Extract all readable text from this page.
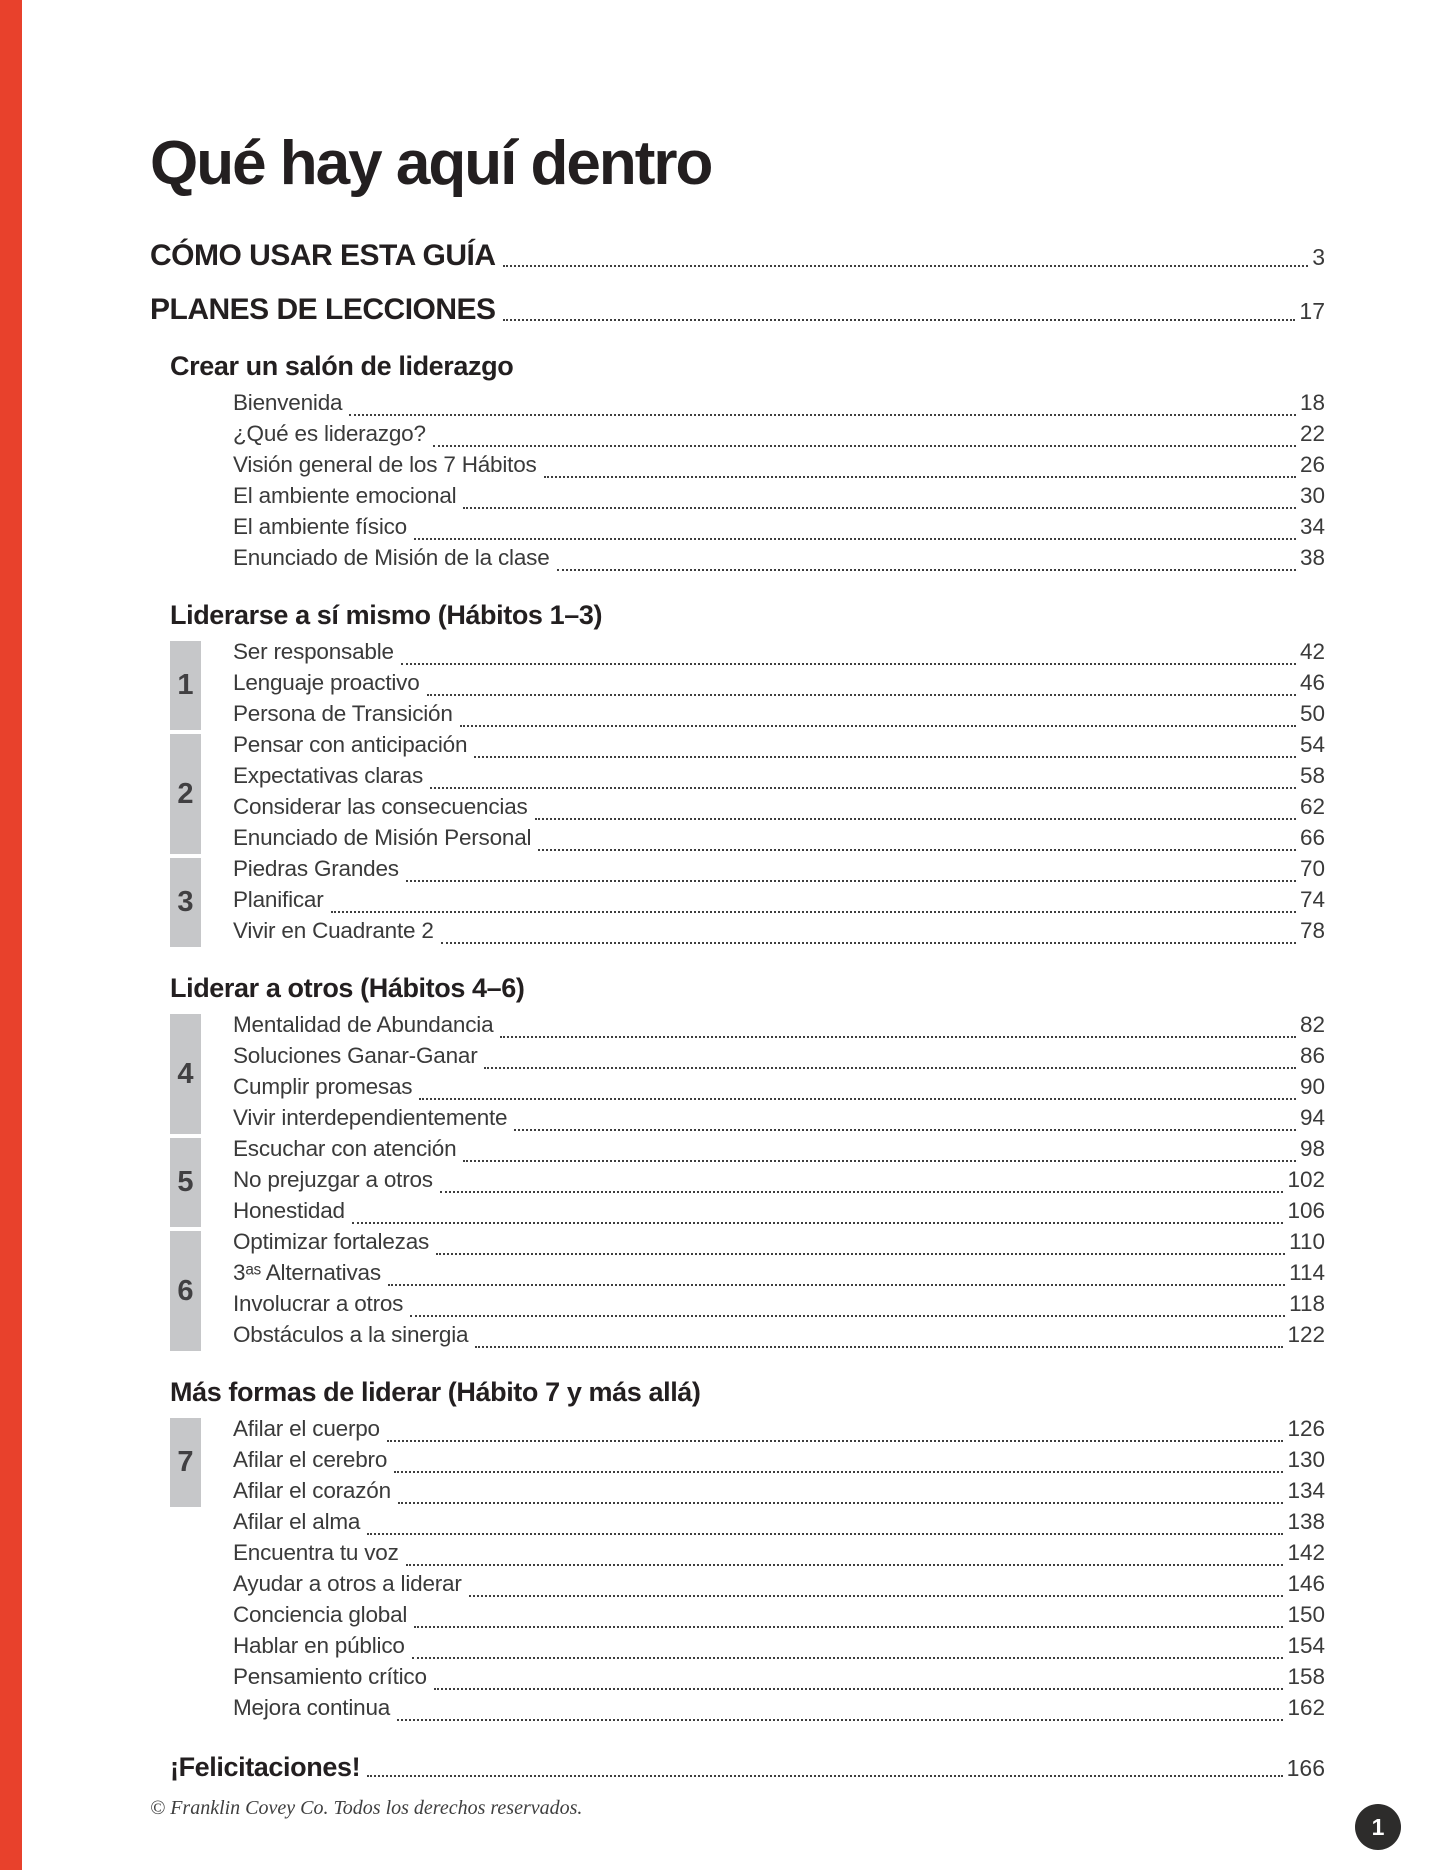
Qué hay aquí dentro
CÓMO USAR ESTA GUÍA	3
PLANES DE LECCIONES	17
Crear un salón de liderazgo
Bienvenida	18
¿Qué es liderazgo?	22
Visión general de los 7 Hábitos	26
El ambiente emocional	30
El ambiente físico	34
Enunciado de Misión de la clase	38
Liderarse a sí mismo (Hábitos 1–3)
1
Ser responsable	42
Lenguaje proactivo	46
Persona de Transición	50
2
Pensar con anticipación	54
Expectativas claras	58
Considerar las consecuencias	62
Enunciado de Misión Personal	66
3
Piedras Grandes	70
Planificar	74
Vivir en Cuadrante 2	78
Liderar a otros (Hábitos 4–6)
4
Mentalidad de Abundancia	82
Soluciones Ganar-Ganar	86
Cumplir promesas	90
Vivir interdependientemente	94
5
Escuchar con atención	98
No prejuzgar a otros	102
Honestidad	106
6
Optimizar fortalezas	110
3ᵃˢ Alternativas	114
Involucrar a otros	118
Obstáculos a la sinergia	122
Más formas de liderar (Hábito 7 y más allá)
7
Afilar el cuerpo	126
Afilar el cerebro	130
Afilar el corazón	134
Afilar el alma	138
Encuentra tu voz	142
Ayudar a otros a liderar	146
Conciencia global	150
Hablar en público	154
Pensamiento crítico	158
Mejora continua	162
¡Felicitaciones!	166
© Franklin Covey Co. Todos los derechos reservados.
1
